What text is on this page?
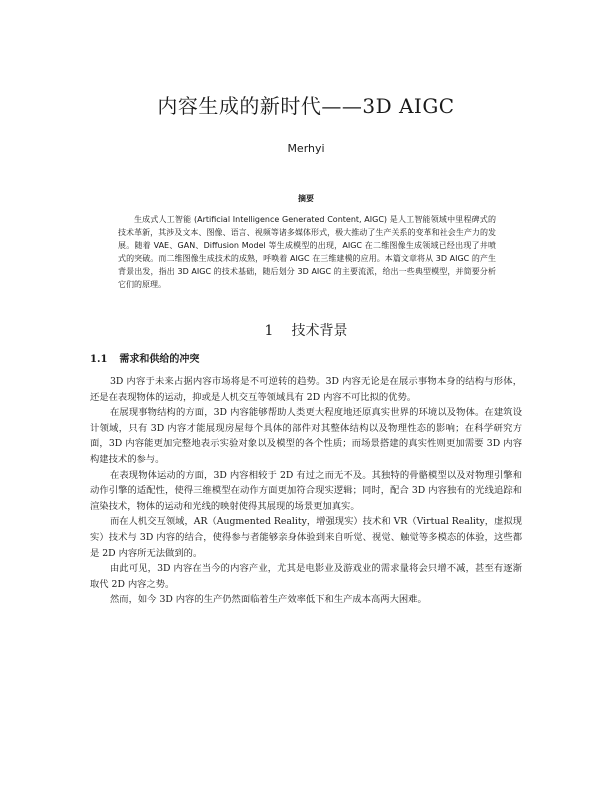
内容生成的新时代——3D AIGC
Merhyi
摘要
生成式人工智能 (Artificial Intelligence Generated Content, AIGC) 是人工智能领域中里程碑式的技术革新，其涉及文本、图像、语言、视频等诸多媒体形式，极大推动了生产关系的变革和社会生产力的发展。随着 VAE、GAN、Diffusion Model 等生成模型的出现，AIGC 在二维图像生成领域已经出现了井喷式的突破。而二维图像生成技术的成熟，呼唤着 AIGC 在三维建模的应用。本篇文章将从 3D AIGC 的产生背景出发，指出 3D AIGC 的技术基础，随后划分 3D AIGC 的主要流派，给出一些典型模型，并简要分析它们的原理。
1 技术背景
1.1 需求和供给的冲突

3D 内容于未来占据内容市场将是不可逆转的趋势。3D 内容无论是在展示事物本身的结构与形体，还是在表现物体的运动，抑或是人机交互等领域具有 2D 内容不可比拟的优势。

在展现事物结构的方面，3D 内容能够帮助人类更大程度地还原真实世界的环境以及物体。在建筑设计领域，只有 3D 内容才能展现房屋每个具体的部件对其整体结构以及物理性态的影响；在科学研究方面，3D 内容能更加完整地表示实验对象以及模型的各个性质；而场景搭建的真实性则更加需要 3D 内容构建技术的参与。

在表现物体运动的方面，3D 内容相较于 2D 有过之而无不及。其独特的骨骼模型以及对物理引擎和动作引擎的适配性，使得三维模型在动作方面更加符合现实逻辑；同时，配合 3D 内容独有的光线追踪和渲染技术，物体的运动和光线的映射使得其展现的场景更加真实。

而在人机交互领域，AR（Augmented Reality，增强现实）技术和 VR（Virtual Reality，虚拟现实）技术与 3D 内容的结合，使得参与者能够亲身体验到来自听觉、视觉、触觉等多模态的体验，这些都是 2D 内容所无法做到的。

由此可见，3D 内容在当今的内容产业，尤其是电影业及游戏业的需求量将会只增不减，甚至有逐渐取代 2D 内容之势。

然而，如今 3D 内容的生产仍然面临着生产效率低下和生产成本高两大困难。
